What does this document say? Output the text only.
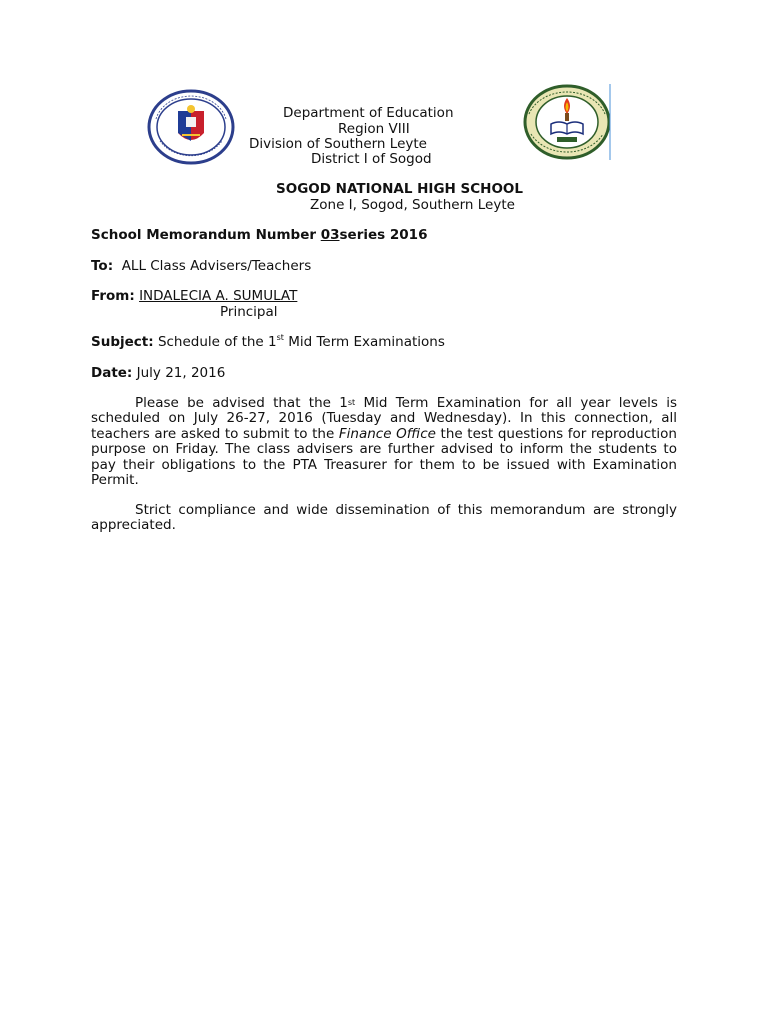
Department of Education
Region VIII
Division of Southern Leyte
District I of Sogod
SOGOD NATIONAL HIGH SCHOOL
Zone I, Sogod, Southern Leyte
School Memorandum Number 03series 2016
To: ALL Class Advisers/Teachers
From: INDALECIA A. SUMULAT
Principal
Subject: Schedule of the 1st Mid Term Examinations
Date: July 21, 2016
Please be advised that the 1st Mid Term Examination for all year levels is scheduled on July 26-27, 2016 (Tuesday and Wednesday). In this connection, all teachers are asked to submit to the Finance Office the test questions for reproduction purpose on Friday. The class advisers are further advised to inform the students to pay their obligations to the PTA Treasurer for them to be issued with Examination Permit.
Strict compliance and wide dissemination of this memorandum are strongly appreciated.
